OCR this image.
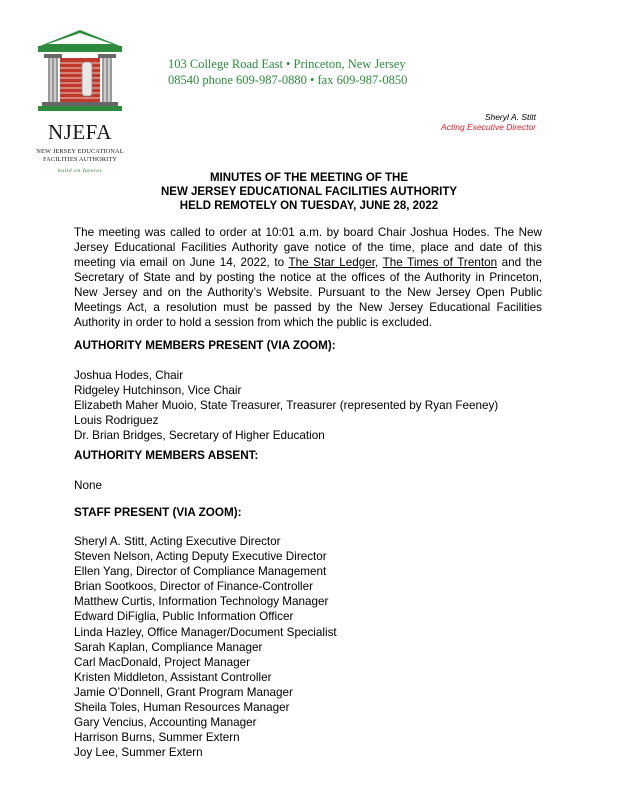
NJEFA
NEW JERSEY EDUCATIONAL
FACILITIES AUTHORITY
build on futures
103 College Road East • Princeton, New Jersey
08540 phone 609-987-0880 • fax 609-987-0850
Sheryl A. Stitt
Acting Executive Director
MINUTES OF THE MEETING OF THE
NEW JERSEY EDUCATIONAL FACILITIES AUTHORITY
HELD REMOTELY ON TUESDAY, JUNE 28, 2022
The meeting was called to order at 10:01 a.m. by board Chair Joshua Hodes. The New Jersey Educational Facilities Authority gave notice of the time, place and date of this meeting via email on June 14, 2022, to The Star Ledger, The Times of Trenton and the Secretary of State and by posting the notice at the offices of the Authority in Princeton, New Jersey and on the Authority’s Website. Pursuant to the New Jersey Open Public Meetings Act, a resolution must be passed by the New Jersey Educational Facilities Authority in order to hold a session from which the public is excluded.
AUTHORITY MEMBERS PRESENT (VIA ZOOM):
Joshua Hodes, Chair
Ridgeley Hutchinson, Vice Chair
Elizabeth Maher Muoio, State Treasurer, Treasurer (represented by Ryan Feeney)
Louis Rodriguez
Dr. Brian Bridges, Secretary of Higher Education
AUTHORITY MEMBERS ABSENT:
None
STAFF PRESENT (VIA ZOOM):
Sheryl A. Stitt, Acting Executive Director
Steven Nelson, Acting Deputy Executive Director
Ellen Yang, Director of Compliance Management
Brian Sootkoos, Director of Finance-Controller
Matthew Curtis, Information Technology Manager
Edward DiFiglia, Public Information Officer
Linda Hazley, Office Manager/Document Specialist
Sarah Kaplan, Compliance Manager
Carl MacDonald, Project Manager
Kristen Middleton, Assistant Controller
Jamie O’Donnell, Grant Program Manager
Sheila Toles, Human Resources Manager
Gary Vencius, Accounting Manager
Harrison Burns, Summer Extern
Joy Lee, Summer Extern
